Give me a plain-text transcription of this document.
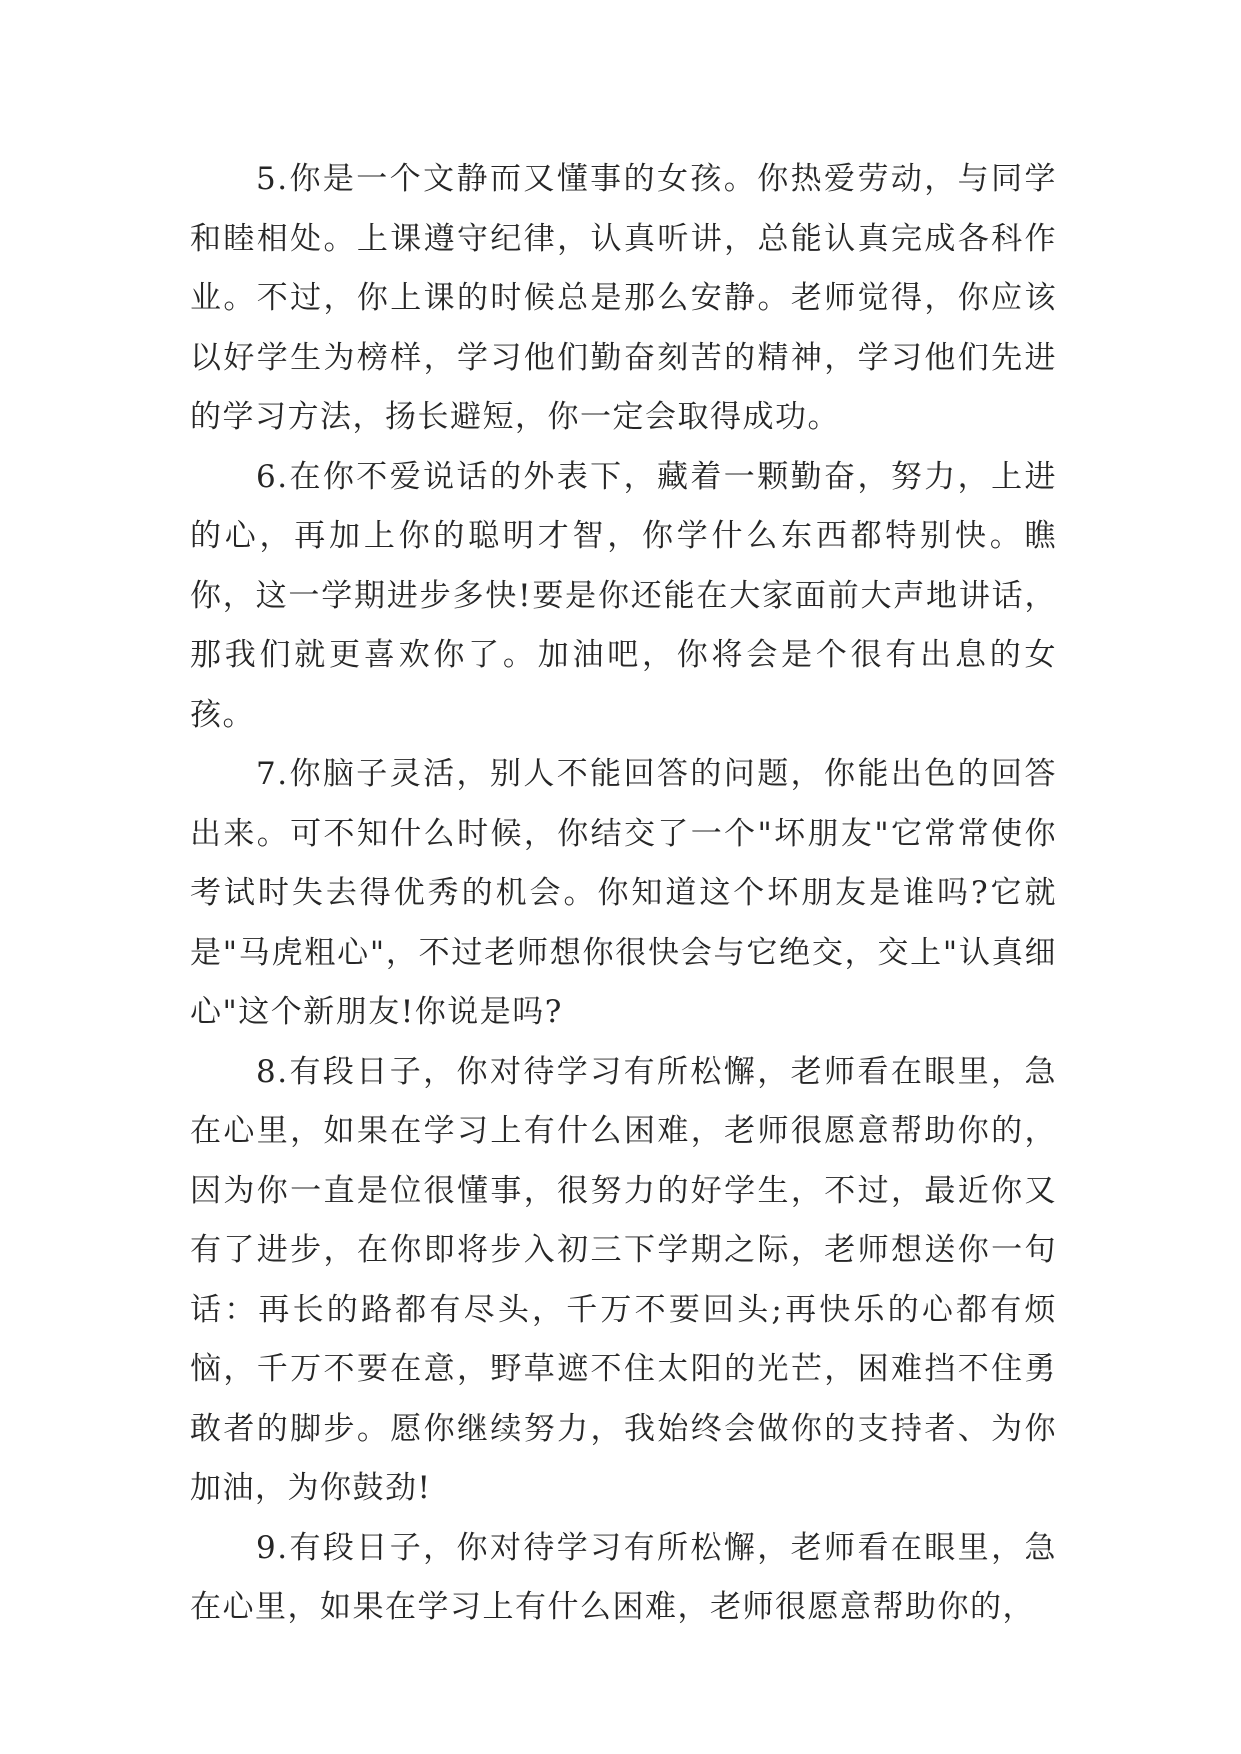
5.你是一个文静而又懂事的女孩。你热爱劳动，与同学和睦相处。上课遵守纪律，认真听讲，总能认真完成各科作业。不过，你上课的时候总是那么安静。老师觉得，你应该以好学生为榜样，学习他们勤奋刻苦的精神，学习他们先进的学习方法，扬长避短，你一定会取得成功。

6.在你不爱说话的外表下，藏着一颗勤奋，努力，上进的心，再加上你的聪明才智，你学什么东西都特别快。瞧你，这一学期进步多快!要是你还能在大家面前大声地讲话，那我们就更喜欢你了。加油吧，你将会是个很有出息的女孩。

7.你脑子灵活，别人不能回答的问题，你能出色的回答出来。可不知什么时候，你结交了一个"坏朋友"它常常使你考试时失去得优秀的机会。你知道这个坏朋友是谁吗?它就是"马虎粗心"，不过老师想你很快会与它绝交，交上"认真细心"这个新朋友!你说是吗?

8.有段日子，你对待学习有所松懈，老师看在眼里，急在心里，如果在学习上有什么困难，老师很愿意帮助你的，因为你一直是位很懂事，很努力的好学生，不过，最近你又有了进步，在你即将步入初三下学期之际，老师想送你一句话：再长的路都有尽头，千万不要回头;再快乐的心都有烦恼，千万不要在意，野草遮不住太阳的光芒，困难挡不住勇敢者的脚步。愿你继续努力，我始终会做你的支持者、为你加油，为你鼓劲!

9.有段日子，你对待学习有所松懈，老师看在眼里，急在心里，如果在学习上有什么困难，老师很愿意帮助你的，
